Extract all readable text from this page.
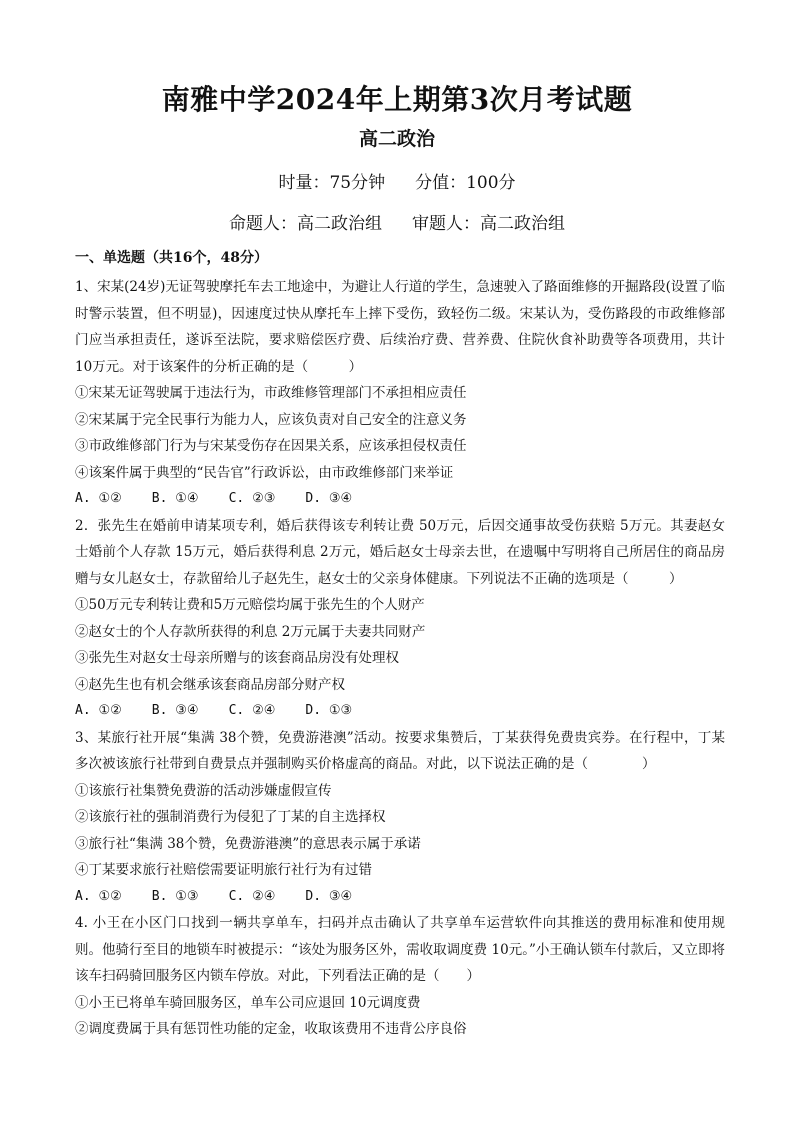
南雅中学2024年上期第3次月考试题
高二政治
时量：75分钟 分值：100分
命题人：高二政治组 审题人：高二政治组
一、单选题（共16个，48分）
1、宋某(24岁)无证驾驶摩托车去工地途中，为避让人行道的学生，急速驶入了路面维修的开掘路段(设置了临时警示装置，但不明显)，因速度过快从摩托车上摔下受伤，致轻伤二级。宋某认为，受伤路段的市政维修部门应当承担责任，遂诉至法院，要求赔偿医疗费、后续治疗费、营养费、住院伙食补助费等各项费用，共计 10万元。对于该案件的分析正确的是（　　　）
①宋某无证驾驶属于违法行为，市政维修管理部门不承担相应责任
②宋某属于完全民事行为能力人，应该负责对自己安全的注意义务
③市政维修部门行为与宋某受伤存在因果关系，应该承担侵权责任
④该案件属于典型的“民告官”行政诉讼，由市政维修部门来举证
A. ①② B. ①④ C. ②③ D. ③④
2．张先生在婚前申请某项专利，婚后获得该专利转让费 50万元，后因交通事故受伤获赔 5万元。其妻赵女士婚前个人存款 15万元，婚后获得利息 2万元，婚后赵女士母亲去世，在遗嘱中写明将自己所居住的商品房赠与女儿赵女士，存款留给儿子赵先生，赵女士的父亲身体健康。下列说法不正确的选项是（　　　）
①50万元专利转让费和5万元赔偿均属于张先生的个人财产
②赵女士的个人存款所获得的利息 2万元属于夫妻共同财产
③张先生对赵女士母亲所赠与的该套商品房没有处理权
④赵先生也有机会继承该套商品房部分财产权
A. ①② B. ③④ C. ②④ D. ①③
3、某旅行社开展“集满 38个赞，免费游港澳”活动。按要求集赞后，丁某获得免费贵宾券。在行程中，丁某多次被该旅行社带到自费景点并强制购买价格虚高的商品。对此，以下说法正确的是（　　　　）
①该旅行社集赞免费游的活动涉嫌虚假宣传
②该旅行社的强制消费行为侵犯了丁某的自主选择权
③旅行社“集满 38个赞，免费游港澳”的意思表示属于承诺
④丁某要求旅行社赔偿需要证明旅行社行为有过错
A. ①② B. ①③ C. ②④ D. ③④
4. 小王在小区门口找到一辆共享单车，扫码并点击确认了共享单车运营软件向其推送的费用标准和使用规则。他骑行至目的地锁车时被提示：“该处为服务区外，需收取调度费 10元。”小王确认锁车付款后，又立即将该车扫码骑回服务区内锁车停放。对此，下列看法正确的是（　　）
①小王已将单车骑回服务区，单车公司应退回 10元调度费
②调度费属于具有惩罚性功能的定金，收取该费用不违背公序良俗
